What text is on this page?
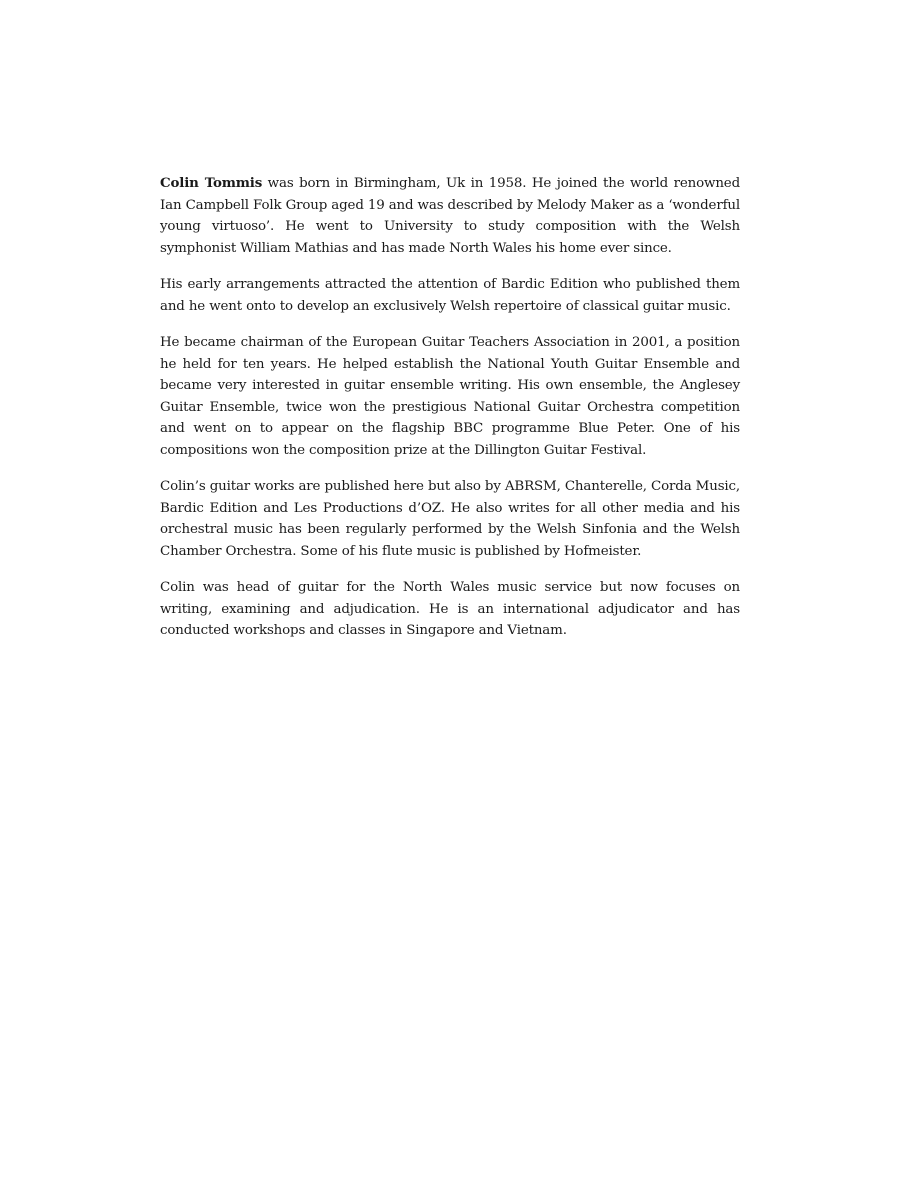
Colin Tommis was born in Birmingham, Uk in 1958. He joined the world renowned Ian Campbell Folk Group aged 19 and was described by Melody Maker as a ‘wonderful young virtuoso’. He went to University to study composition with the Welsh symphonist William Mathias and has made North Wales his home ever since.

His early arrangements attracted the attention of Bardic Edition who published them and he went onto to develop an exclusively Welsh repertoire of classical guitar music.

He became chairman of the European Guitar Teachers Association in 2001, a position he held for ten years. He helped establish the National Youth Guitar Ensemble and became very interested in guitar ensemble writing. His own ensemble, the Anglesey Guitar Ensemble, twice won the prestigious National Guitar Orchestra competition and went on to appear on the flagship BBC programme Blue Peter. One of his compositions won the composition prize at the Dillington Guitar Festival.

Colin’s guitar works are published here but also by ABRSM, Chanterelle, Corda Music, Bardic Edition and Les Productions d’OZ. He also writes for all other media and his orchestral music has been regularly performed by the Welsh Sinfonia and the Welsh Chamber Orchestra. Some of his flute music is published by Hofmeister.

Colin was head of guitar for the North Wales music service but now focuses on writing, examining and adjudication. He is an international adjudicator and has conducted workshops and classes in Singapore and Vietnam.
